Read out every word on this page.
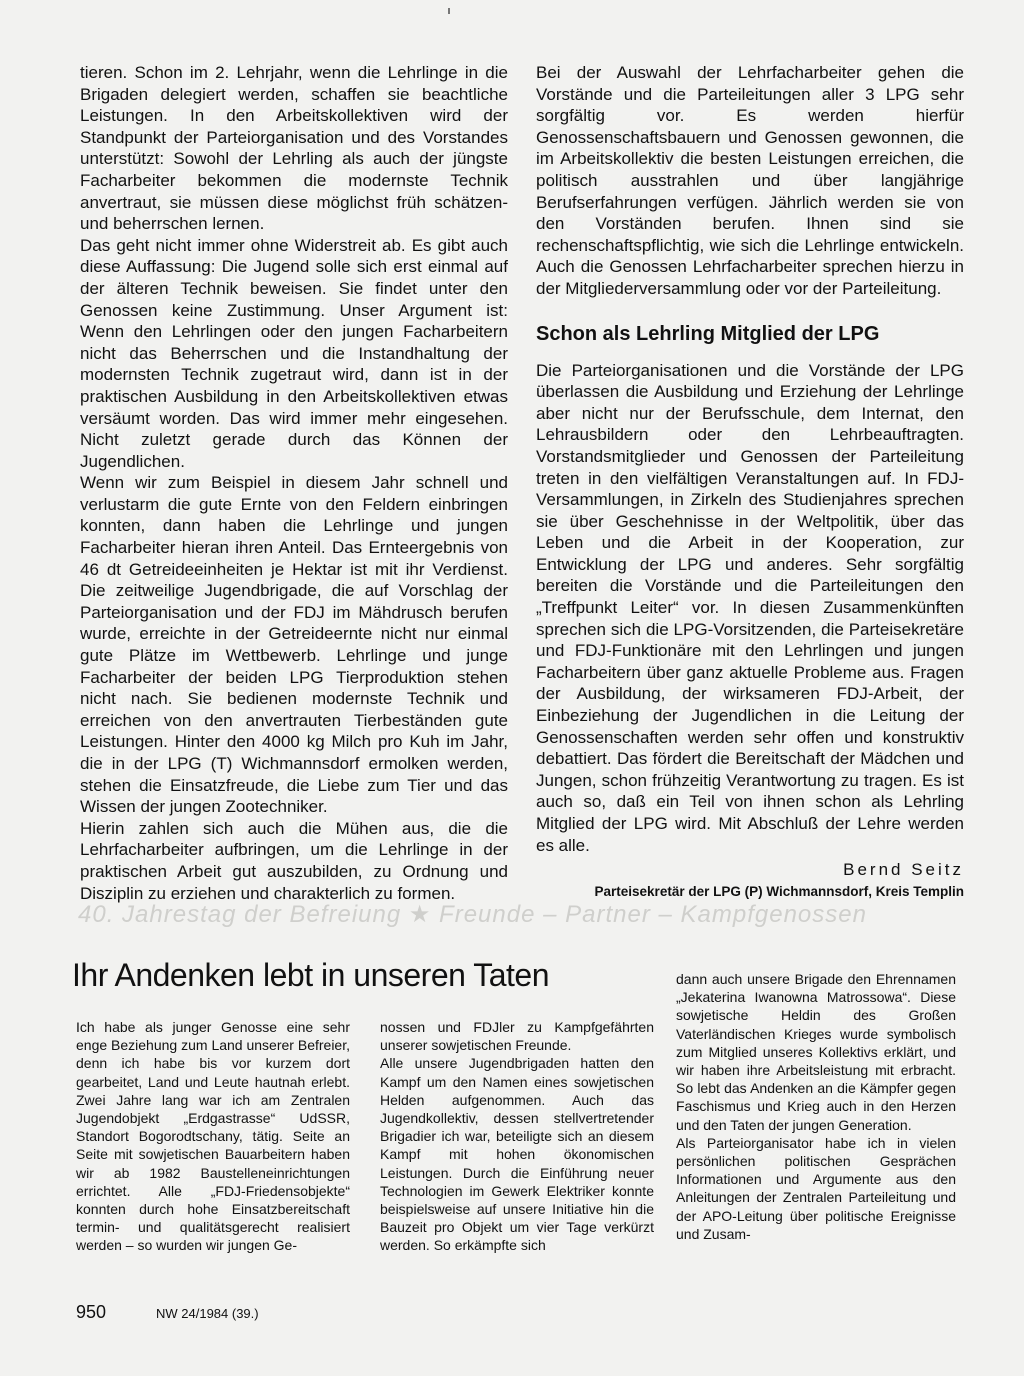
tieren. Schon im 2. Lehrjahr, wenn die Lehrlinge in die Brigaden delegiert werden, schaffen sie beachtliche Leistungen. In den Arbeitskollektiven wird der Standpunkt der Parteiorganisation und des Vorstandes unterstützt: Sowohl der Lehrling als auch der jüngste Facharbeiter bekommen die modernste Technik anvertraut, sie müssen diese möglichst früh schätzen- und beherrschen lernen.

Das geht nicht immer ohne Widerstreit ab. Es gibt auch diese Auffassung: Die Jugend solle sich erst einmal auf der älteren Technik beweisen. Sie findet unter den Genossen keine Zustimmung. Unser Argument ist: Wenn den Lehrlingen oder den jungen Facharbeitern nicht das Beherrschen und die Instandhaltung der modernsten Technik zugetraut wird, dann ist in der praktischen Ausbildung in den Arbeitskollektiven etwas versäumt worden. Das wird immer mehr eingesehen. Nicht zuletzt gerade durch das Können der Jugendlichen.

Wenn wir zum Beispiel in diesem Jahr schnell und verlustarm die gute Ernte von den Feldern einbringen konnten, dann haben die Lehrlinge und jungen Facharbeiter hieran ihren Anteil. Das Ernteergebnis von 46 dt Getreideeinheiten je Hektar ist mit ihr Verdienst. Die zeitweilige Jugendbrigade, die auf Vorschlag der Parteiorganisation und der FDJ im Mähdrusch berufen wurde, erreichte in der Getreideernte nicht nur einmal gute Plätze im Wettbewerb. Lehrlinge und junge Facharbeiter der beiden LPG Tierproduktion stehen nicht nach. Sie bedienen modernste Technik und erreichen von den anvertrauten Tierbeständen gute Leistungen. Hinter den 4000 kg Milch pro Kuh im Jahr, die in der LPG (T) Wichmannsdorf ermolken werden, stehen die Einsatzfreude, die Liebe zum Tier und das Wissen der jungen Zootechniker.

Hierin zahlen sich auch die Mühen aus, die die Lehrfacharbeiter aufbringen, um die Lehrlinge in der praktischen Arbeit gut auszubilden, zu Ordnung und Disziplin zu erziehen und charakterlich zu formen.

Bei der Auswahl der Lehrfacharbeiter gehen die Vorstände und die Parteileitungen aller 3 LPG sehr sorgfältig vor. Es werden hierfür Genossenschaftsbauern und Genossen gewonnen, die im Arbeitskollektiv die besten Leistungen erreichen, die politisch ausstrahlen und über langjährige Berufserfahrungen verfügen. Jährlich werden sie von den Vorständen berufen. Ihnen sind sie rechenschaftspflichtig, wie sich die Lehrlinge entwickeln. Auch die Genossen Lehrfacharbeiter sprechen hierzu in der Mitgliederversammlung oder vor der Parteileitung.

Schon als Lehrling Mitglied der LPG

Die Parteiorganisationen und die Vorstände der LPG überlassen die Ausbildung und Erziehung der Lehrlinge aber nicht nur der Berufsschule, dem Internat, den Lehrausbildern oder den Lehrbeauftragten. Vorstandsmitglieder und Genossen der Parteileitung treten in den vielfältigen Veranstaltungen auf. In FDJ-Versammlungen, in Zirkeln des Studienjahres sprechen sie über Geschehnisse in der Weltpolitik, über das Leben und die Arbeit in der Kooperation, zur Entwicklung der LPG und anderes. Sehr sorgfältig bereiten die Vorstände und die Parteileitungen den „Treffpunkt Leiter“ vor. In diesen Zusammenkünften sprechen sich die LPG-Vorsitzenden, die Parteisekretäre und FDJ-Funktionäre mit den Lehrlingen und jungen Facharbeitern über ganz aktuelle Probleme aus. Fragen der Ausbildung, der wirksameren FDJ-Arbeit, der Einbeziehung der Jugendlichen in die Leitung der Genossenschaften werden sehr offen und konstruktiv debattiert. Das fördert die Bereitschaft der Mädchen und Jungen, schon frühzeitig Verantwortung zu tragen. Es ist auch so, daß ein Teil von ihnen schon als Lehrling Mitglied der LPG wird. Mit Abschluß der Lehre werden es alle.

Bernd Seitz
Parteisekretär der LPG (P) Wichmannsdorf, Kreis Templin
40. Jahrestag der Befreiung ★ Freunde – Partner – Kampfgenossen
Ihr Andenken lebt in unseren Taten

Ich habe als junger Genosse eine sehr enge Beziehung zum Land unserer Befreier, denn ich habe bis vor kurzem dort gearbeitet, Land und Leute hautnah erlebt. Zwei Jahre lang war ich am Zentralen Jugendobjekt „Erdgastrasse“ UdSSR, Standort Bogorodtschany, tätig. Seite an Seite mit sowjetischen Bauarbeitern haben wir ab 1982 Baustelleneinrichtungen errichtet. Alle „FDJ-Friedensobjekte“ konnten durch hohe Einsatzbereitschaft termin- und qualitätsgerecht realisiert werden – so wurden wir jungen Ge-

nossen und FDJler zu Kampfgefährten unserer sowjetischen Freunde.

Alle unsere Jugendbrigaden hatten den Kampf um den Namen eines sowjetischen Helden aufgenommen. Auch das Jugendkollektiv, dessen stellvertretender Brigadier ich war, beteiligte sich an diesem Kampf mit hohen ökonomischen Leistungen. Durch die Einführung neuer Technologien im Gewerk Elektriker konnte beispielsweise auf unsere Initiative hin die Bauzeit pro Objekt um vier Tage verkürzt werden. So erkämpfte sich

dann auch unsere Brigade den Ehrennamen „Jekaterina Iwanowna Matrossowa“. Diese sowjetische Heldin des Großen Vaterländischen Krieges wurde symbolisch zum Mitglied unseres Kollektivs erklärt, und wir haben ihre Arbeitsleistung mit erbracht. So lebt das Andenken an die Kämpfer gegen Faschismus und Krieg auch in den Herzen und den Taten der jungen Generation.

Als Parteiorganisator habe ich in vielen persönlichen politischen Gesprächen Informationen und Argumente aus den Anleitungen der Zentralen Parteileitung und der APO-Leitung über politische Ereignisse und Zusam-

950	NW 24/1984 (39.)
